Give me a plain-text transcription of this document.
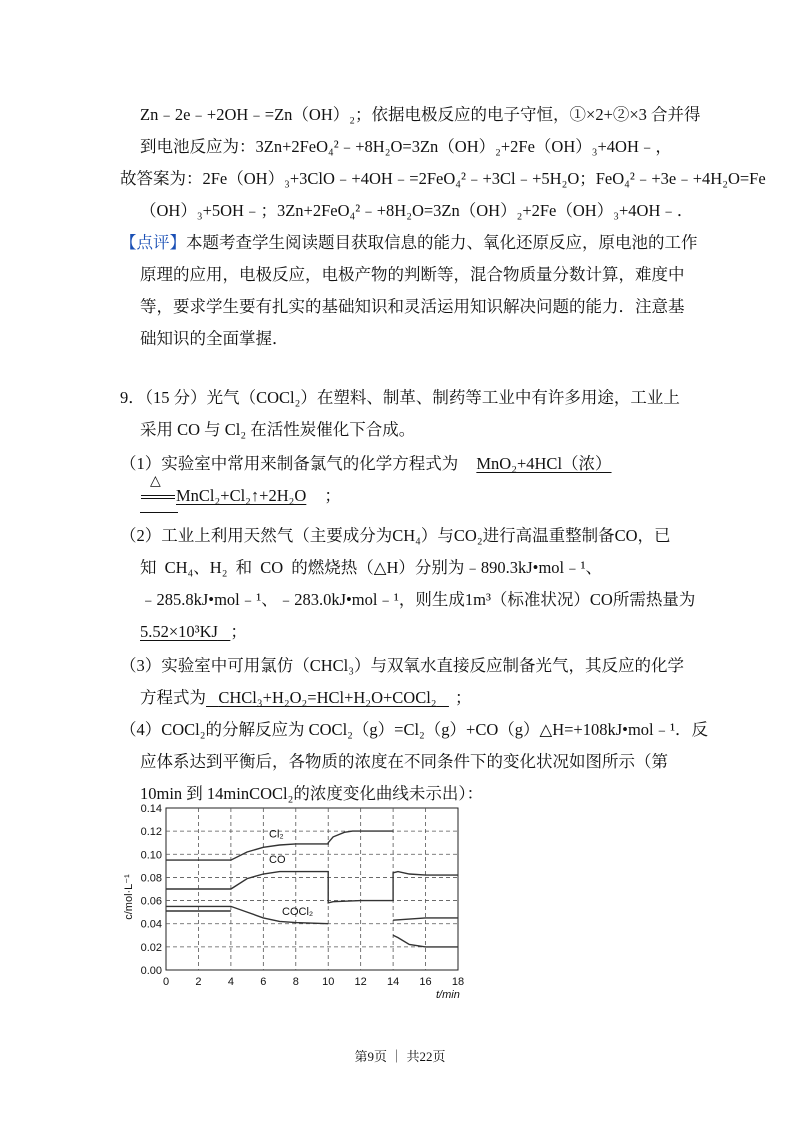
Zn﹣2e﹣+2OH﹣=Zn（OH）₂；依据电极反应的电子守恒，①×2+②×3 合并得
到电池反应为：3Zn+2FeO₄²﹣+8H₂O=3Zn（OH）₂+2Fe（OH）₃+4OH﹣，
故答案为：2Fe（OH）₃+3ClO﹣+4OH﹣=2FeO₄²﹣+3Cl﹣+5H₂O；FeO₄²﹣+3e﹣+4H₂O=Fe
（OH）₃+5OH﹣；3Zn+2FeO₄²﹣+8H₂O=3Zn（OH）₂+2Fe（OH）₃+4OH﹣．
【点评】本题考查学生阅读题目获取信息的能力、氧化还原反应，原电池的工作
原理的应用，电极反应，电极产物的判断等，混合物质量分数计算，难度中
等，要求学生要有扎实的基础知识和灵活运用知识解决问题的能力．注意基
础知识的全面掌握．
9．（15 分）光气（COCl₂）在塑料、制革、制药等工业中有许多用途，工业上
采用 CO 与 Cl₂ 在活性炭催化下合成。
（1）实验室中常用来制备氯气的化学方程式为 MnO₂+4HCl（浓）
△
MnCl₂+Cl₂↑+2H₂O ；
（2）工业上利用天然气（主要成分为CH₄）与CO₂进行高温重整制备CO，已
知 CH₄、H₂ 和 CO 的燃烧热（△H）分别为﹣890.3kJ•mol﹣¹、
﹣285.8kJ•mol﹣¹、﹣283.0kJ•mol﹣¹，则生成1m³（标准状况）CO所需热量为
5.52×10³KJ ；
（3）实验室中可用氯仿（CHCl₃）与双氧水直接反应制备光气，其反应的化学
方程式为 CHCl₃+H₂O₂=HCl+H₂O+COCl₂ ；
（4）COCl₂的分解反应为 COCl₂（g）=Cl₂（g）+CO（g）△H=+108kJ•mol﹣¹．反
应体系达到平衡后，各物质的浓度在不同条件下的变化状况如图所示（第
10min 到 14minCOCl₂的浓度变化曲线未示出）：
0.00
0.02
0.04
0.06
0.08
0.10
0.12
0.14
0 2 4 6 8 10 12 14 16 18
t/min
c/mol·L⁻¹
Cl₂
CO
COCl₂
第9页 ｜ 共22页
